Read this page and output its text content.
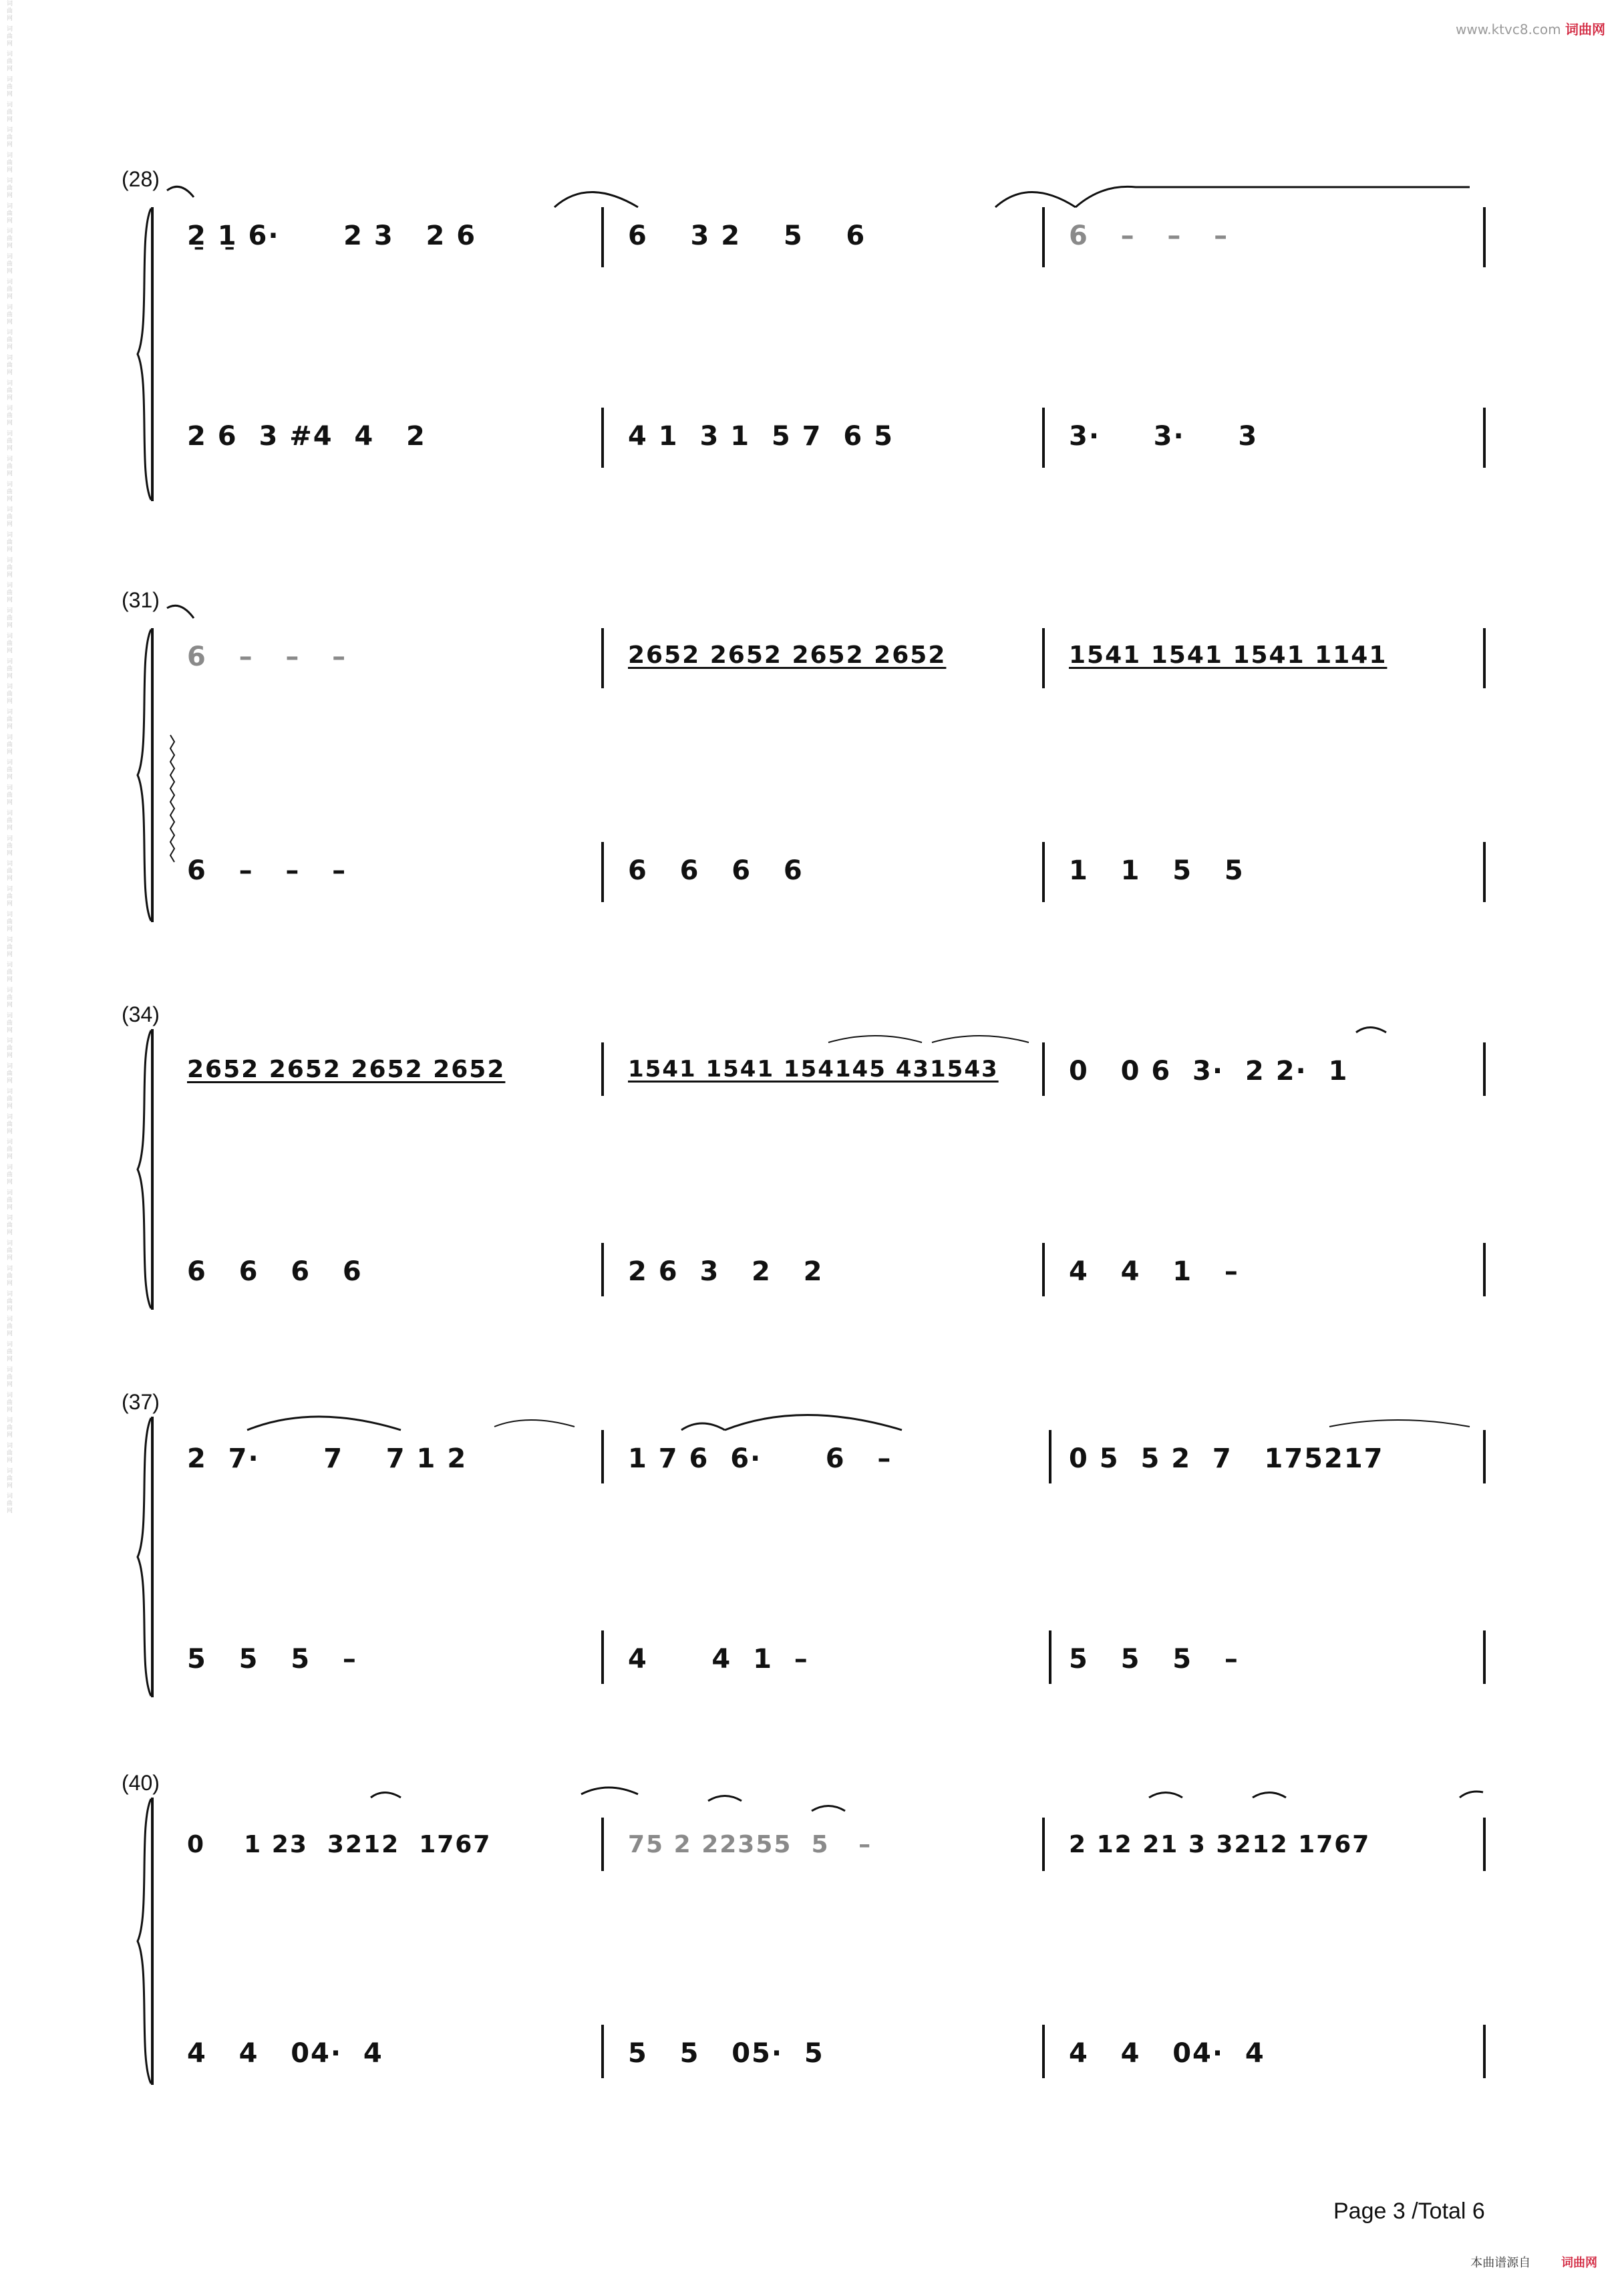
词曲网 词曲网 词曲网 词曲网 词曲网 词曲网 词曲网 词曲网 词曲网 词曲网 词曲网 词曲网 词曲网 词曲网 词曲网 词曲网 词曲网 词曲网 词曲网 词曲网 词曲网 词曲网 词曲网 词曲网 词曲网 词曲网 词曲网 词曲网 词曲网 词曲网 词曲网 词曲网 词曲网 词曲网 词曲网 词曲网 词曲网 词曲网 词曲网 词曲网 词曲网 词曲网 词曲网 词曲网 词曲网 词曲网 词曲网 词曲网 词曲网 词曲网 词曲网 词曲网 词曲网 词曲网 词曲网 词曲网 词曲网 词曲网 词曲网 词曲网	www.ktvc8.com 词曲网
(28)
2̱ 1̱ 6·      2 3   2 6	6    3 2    5    6	6   –   –   –
2 6  3 #4  4   2	4 1  3 1  5 7  6 5	3·     3·     3
(31)
6   –   –   –	2652 2652 2652 2652	1541 1541 1541 1141
6   –   –   –	6   6   6   6	1   1   5   5
(34)
2652 2652 2652 2652	1541 1541 154145 431543	0   0 6  3·  2 2·  1
6   6   6   6	2 6  3   2   2	4   4   1   –
(37)
2  7·      7    7 1 2	1 7 6  6·      6   –	0 5  5 2  7   175217
5   5   5   –	4      4  1  –	5   5   5   –
(40)
0    1 23  3212  1767	75 2 22355  5   –	2 12 21 3 3212 1767
4   4   04·  4	5   5   05·  5	4   4   04·  4
Page 3 /Total 6
本曲谱源自	词曲网
